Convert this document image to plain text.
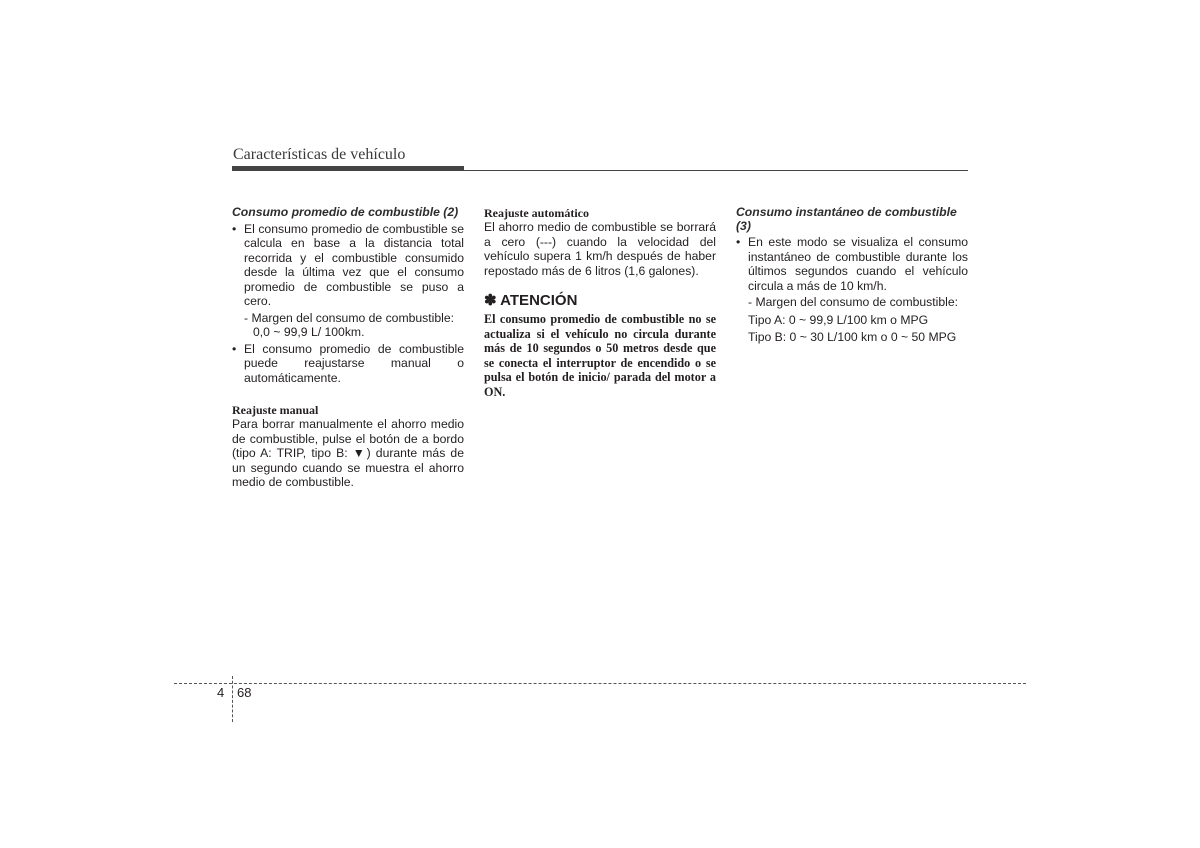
Características de vehículo
Consumo promedio de combustible (2)
• El consumo promedio de combustible se calcula en base a la distancia total recorrida y el combustible consumido desde la última vez que el consumo promedio de combustible se puso a cero.
- Margen del consumo de combustible:
0,0 ~ 99,9 L/ 100km.
• El consumo promedio de combustible puede reajustarse manual o automáticamente.
Reajuste manual
Para borrar manualmente el ahorro medio de combustible, pulse el botón de a bordo (tipo A: TRIP, tipo B: ▼) durante más de un segundo cuando se muestra el ahorro medio de combustible.
Reajuste automático
El ahorro medio de combustible se borrará a cero (---) cuando la velocidad del vehículo supera 1 km/h después de haber repostado más de 6 litros (1,6 galones).
✽ ATENCIÓN
El consumo promedio de combustible no se actualiza si el vehículo no circula durante más de 10 segundos o 50 metros desde que se conecta el interruptor de encendido o se pulsa el botón de inicio/ parada del motor a ON.
Consumo instantáneo de combustible (3)
• En este modo se visualiza el consumo instantáneo de combustible durante los últimos segundos cuando el vehículo circula a más de 10 km/h.
- Margen del consumo de combustible:
Tipo A: 0 ~ 99,9 L/100 km o MPG
Tipo B: 0 ~ 30 L/100 km o 0 ~ 50 MPG
4 68
